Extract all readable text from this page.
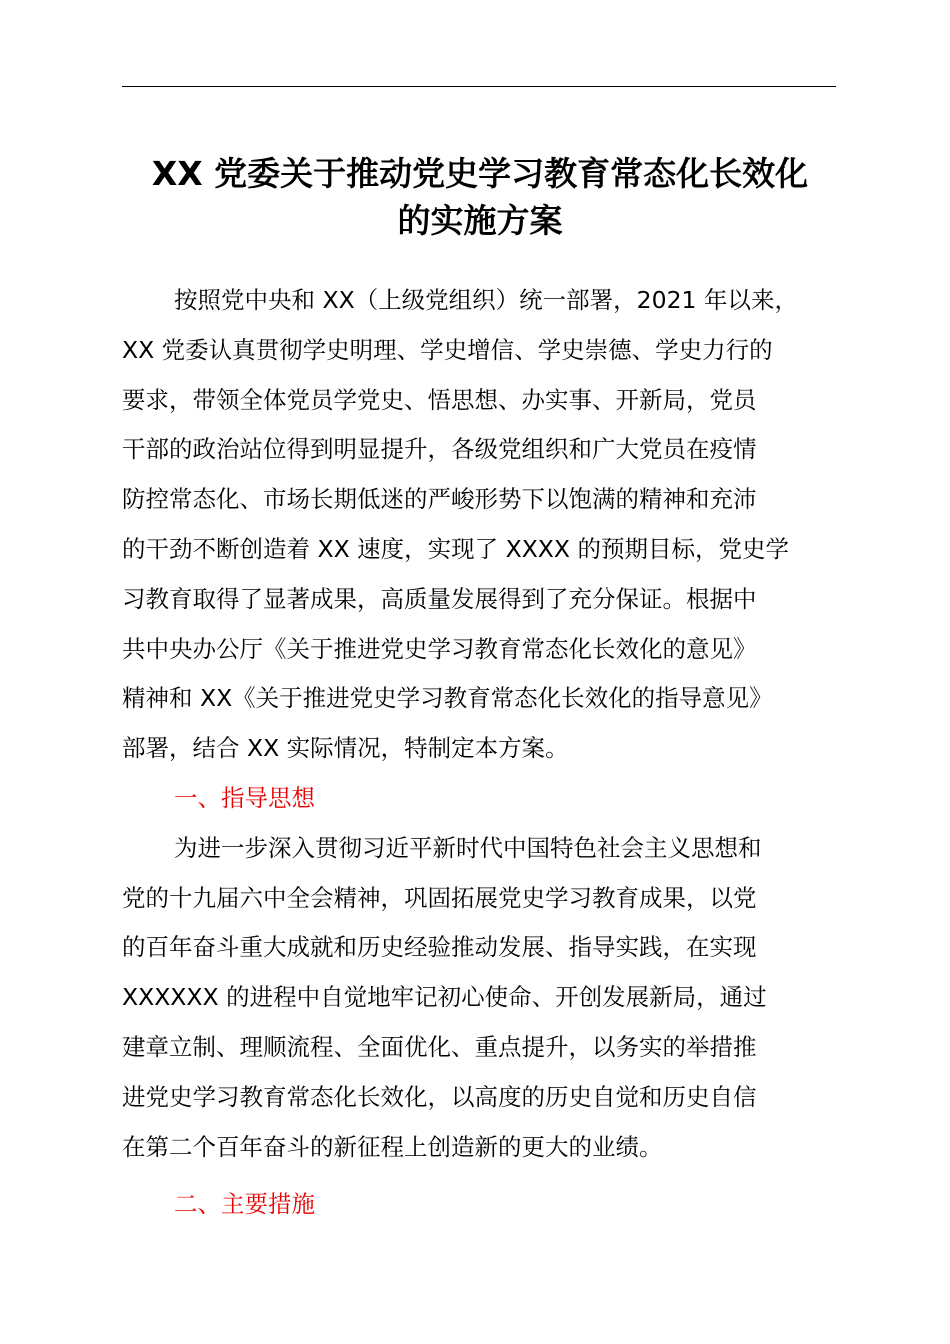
XX 党委关于推动党史学习教育常态化长效化

的实施方案

按照党中央和 XX（上级党组织）统一部署，2021 年以来，

XX 党委认真贯彻学史明理、学史增信、学史崇德、学史力行的

要求，带领全体党员学党史、悟思想、办实事、开新局，党员

干部的政治站位得到明显提升，各级党组织和广大党员在疫情

防控常态化、市场长期低迷的严峻形势下以饱满的精神和充沛

的干劲不断创造着 XX 速度，实现了 XXXX 的预期目标，党史学

习教育取得了显著成果，高质量发展得到了充分保证。根据中

共中央办公厅《关于推进党史学习教育常态化长效化的意见》

精神和 XX《关于推进党史学习教育常态化长效化的指导意见》

部署，结合 XX 实际情况，特制定本方案。

一、指导思想

为进一步深入贯彻习近平新时代中国特色社会主义思想和

党的十九届六中全会精神，巩固拓展党史学习教育成果，以党

的百年奋斗重大成就和历史经验推动发展、指导实践，在实现

XXXXXX 的进程中自觉地牢记初心使命、开创发展新局，通过

建章立制、理顺流程、全面优化、重点提升，以务实的举措推

进党史学习教育常态化长效化，以高度的历史自觉和历史自信

在第二个百年奋斗的新征程上创造新的更大的业绩。

二、主要措施
